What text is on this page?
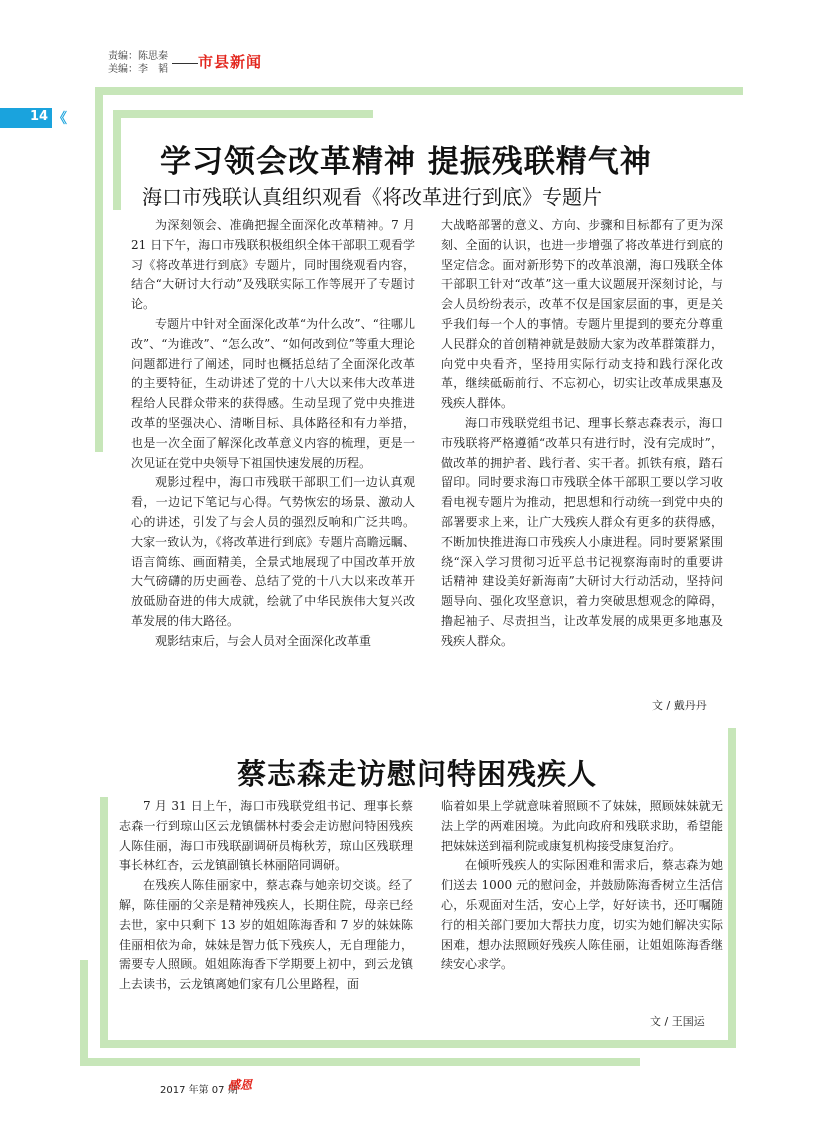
责编：陈思秦
美编：李　韬 市县新闻
14 《
学习领会改革精神 提振残联精气神
海口市残联认真组织观看《将改革进行到底》专题片

为深刻领会、准确把握全面深化改革精神。7 月 21 日下午，海口市残联积极组织全体干部职工观看学习《将改革进行到底》专题片，同时围绕观看内容，结合“大研讨大行动”及残联实际工作等展开了专题讨论。

专题片中针对全面深化改革“为什么改”、“往哪儿改”、“为谁改”、“怎么改”、“如何改到位”等重大理论问题都进行了阐述，同时也概括总结了全面深化改革的主要特征，生动讲述了党的十八大以来伟大改革进程给人民群众带来的获得感。生动呈现了党中央推进改革的坚强决心、清晰目标、具体路径和有力举措，也是一次全面了解深化改革意义内容的梳理，更是一次见证在党中央领导下祖国快速发展的历程。

观影过程中，海口市残联干部职工们一边认真观看，一边记下笔记与心得。气势恢宏的场景、激动人心的讲述，引发了与会人员的强烈反响和广泛共鸣。大家一致认为，《将改革进行到底》专题片高瞻远瞩、语言简练、画面精美，全景式地展现了中国改革开放大气磅礴的历史画卷、总结了党的十八大以来改革开放砥励奋进的伟大成就，绘就了中华民族伟大复兴改革发展的伟大路径。

观影结束后，与会人员对全面深化改革重

大战略部署的意义、方向、步骤和目标都有了更为深刻、全面的认识，也进一步增强了将改革进行到底的坚定信念。面对新形势下的改革浪潮，海口残联全体干部职工针对“改革”这一重大议题展开深刻讨论，与会人员纷纷表示，改革不仅是国家层面的事，更是关乎我们每一个人的事情。专题片里提到的要充分尊重人民群众的首创精神就是鼓励大家为改革群策群力，向党中央看齐，坚持用实际行动支持和践行深化改革，继续砥砺前行、不忘初心，切实让改革成果惠及残疾人群体。

海口市残联党组书记、理事长蔡志森表示，海口市残联将严格遵循“改革只有进行时，没有完成时”，做改革的拥护者、践行者、实干者。抓铁有痕，踏石留印。同时要求海口市残联全体干部职工要以学习收看电视专题片为推动，把思想和行动统一到党中央的部署要求上来，让广大残疾人群众有更多的获得感，不断加快推进海口市残疾人小康进程。同时要紧紧围绕“深入学习贯彻习近平总书记视察海南时的重要讲话精神 建设美好新海南”大研讨大行动活动，坚持问题导向、强化攻坚意识，着力突破思想观念的障碍，撸起袖子、尽责担当，让改革发展的成果更多地惠及残疾人群众。

文 / 戴丹丹
蔡志森走访慰问特困残疾人

7 月 31 日上午，海口市残联党组书记、理事长蔡志森一行到琼山区云龙镇儒林村委会走访慰问特困残疾人陈佳丽，海口市残联副调研员梅秋芳，琼山区残联理事长林红杏，云龙镇副镇长林丽陪同调研。

在残疾人陈佳丽家中，蔡志森与她亲切交谈。经了解，陈佳丽的父亲是精神残疾人，长期住院，母亲已经去世，家中只剩下 13 岁的姐姐陈海香和 7 岁的妹妹陈佳丽相依为命，妹妹是智力低下残疾人，无自理能力，需要专人照顾。姐姐陈海香下学期要上初中，到云龙镇上去读书，云龙镇离她们家有几公里路程，面

临着如果上学就意味着照顾不了妹妹，照顾妹妹就无法上学的两难困境。为此向政府和残联求助，希望能把妹妹送到福利院或康复机构接受康复治疗。

在倾听残疾人的实际困难和需求后，蔡志森为她们送去 1000 元的慰问金，并鼓励陈海香树立生活信心，乐观面对生活，安心上学，好好读书，还叮嘱随行的相关部门要加大帮扶力度，切实为她们解决实际困难，想办法照顾好残疾人陈佳丽，让姐姐陈海香继续安心求学。

文 / 王国运
2017 年第 07 期
感恩
